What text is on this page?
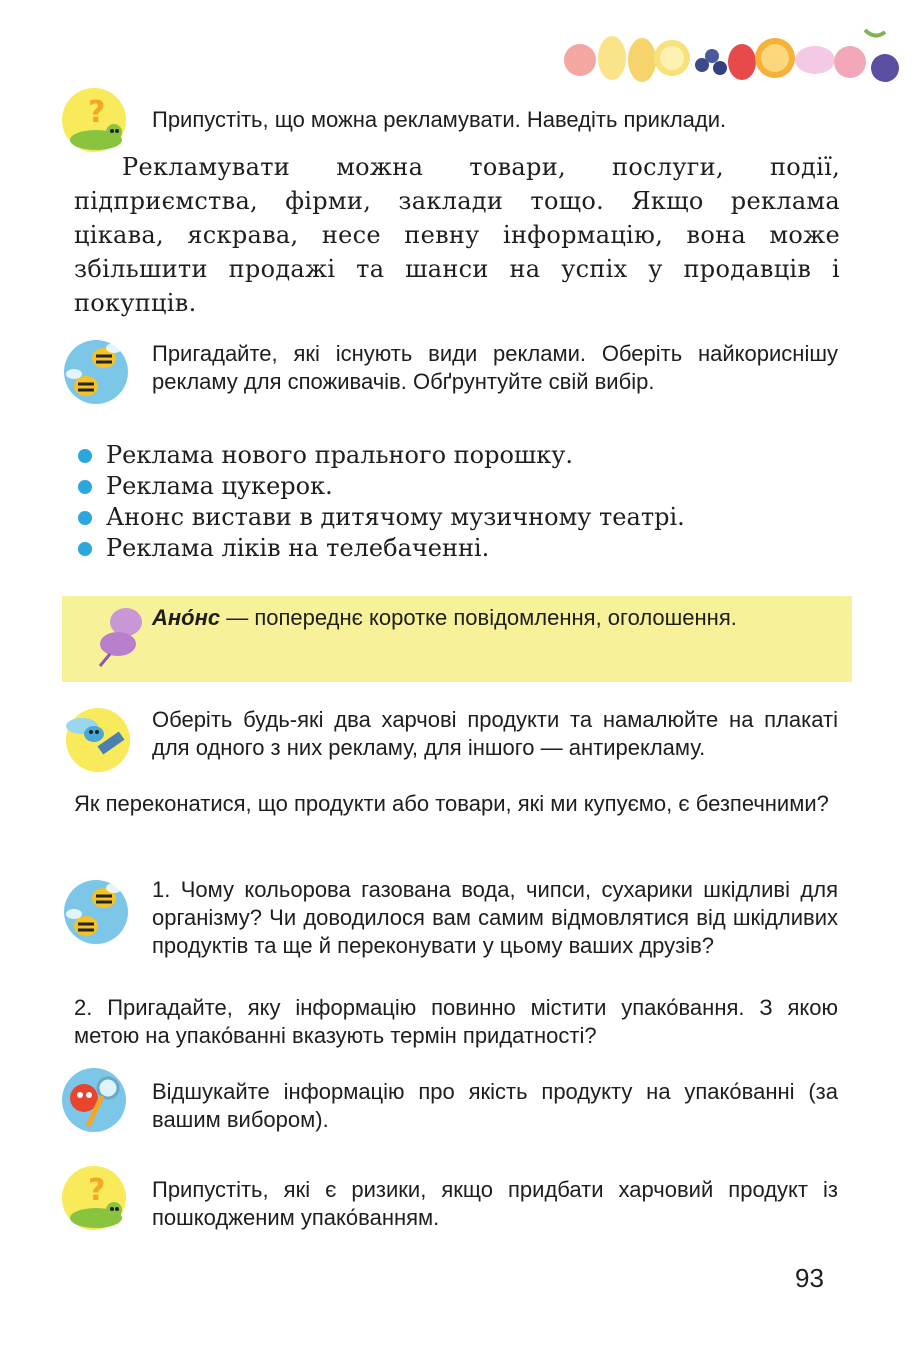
? Припустіть, що можна рекламувати. Наведіть приклади.
Рекламувати можна товари, послуги, події, підприємства, фірми, заклади тощо. Якщо реклама цікава, яскрава, несе певну інформацію, вона може збільшити продажі та шанси на успіх у продавців і покупців.
Пригадайте, які існують види реклами. Оберіть найкориснішу рекламу для споживачів. Обґрунтуйте свій вибір.
Реклама нового прального порошку.
Реклама цукерок.
Анонс вистави в дитячому музичному театрі.
Реклама ліків на телебаченні.
Ано́нс — попереднє коротке повідомлення, оголошення.
Оберіть будь-які два харчові продукти та намалюйте на плакаті для одного з них рекламу, для іншого — антирекламу.
Як переконатися, що продукти або товари, які ми купуємо, є безпечними?
1. Чому кольорова газована вода, чипси, сухарики шкідливі для організму? Чи доводилося вам самим відмовлятися від шкідливих продуктів та ще й переконувати у цьому ваших друзів?
2. Пригадайте, яку інформацію повинно містити упако́вання. З якою метою на упако́ванні вказують термін придатності?
Відшукайте інформацію про якість продукту на упако́ванні (за вашим вибором).
? Припустіть, які є ризики, якщо придбати харчовий продукт із пошкодженим упако́ванням.
93
